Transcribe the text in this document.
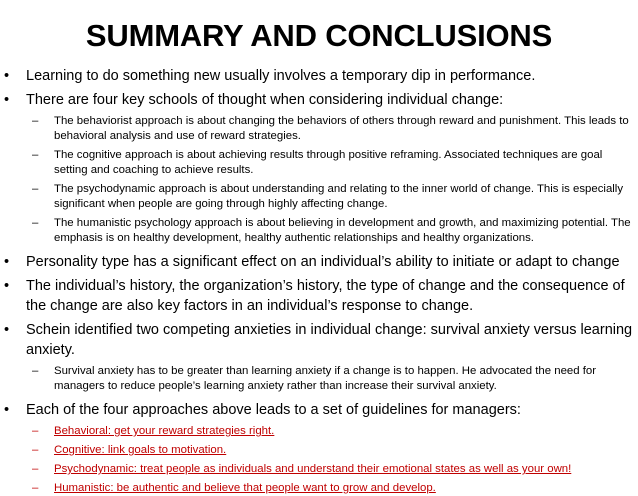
SUMMARY AND CONCLUSIONS
• Learning to do something new usually involves a temporary dip in performance.
• There are four key schools of thought when considering individual change:
– The behaviorist approach is about changing the behaviors of others through reward and punishment. This leads to behavioral analysis and use of reward strategies.
– The cognitive approach is about achieving results through positive reframing. Associated techniques are goal setting and coaching to achieve results.
– The psychodynamic approach is about understanding and relating to the inner world of change. This is especially significant when people are going through highly affecting change.
– The humanistic psychology approach is about believing in development and growth, and maximizing potential. The emphasis is on healthy development, healthy authentic relationships and healthy organizations.
• Personality type has a significant effect on an individual’s ability to initiate or adapt to change
• The individual’s history, the organization’s history, the type of change and the consequence of the change are also key factors in an individual’s response to change.
• Schein identified two competing anxieties in individual change: survival anxiety versus learning anxiety.
– Survival anxiety has to be greater than learning anxiety if a change is to happen. He advocated the need for managers to reduce people’s learning anxiety rather than increase their survival anxiety.
• Each of the four approaches above leads to a set of guidelines for managers:
– Behavioral: get your reward strategies right.
– Cognitive: link goals to motivation.
– Psychodynamic: treat people as individuals and understand their emotional states as well as your own!
– Humanistic: be authentic and believe that people want to grow and develop.
